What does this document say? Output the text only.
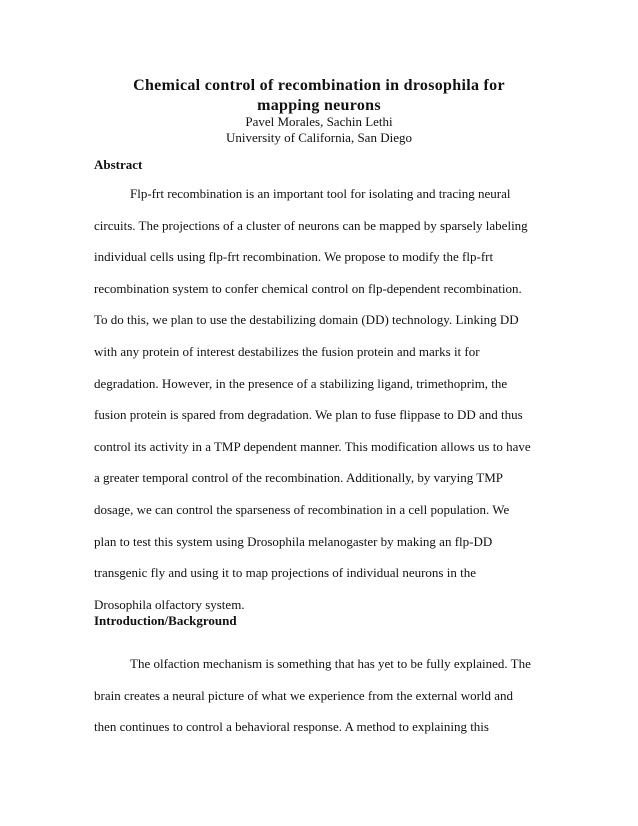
Chemical control of recombination in drosophila for
mapping neurons
Pavel Morales, Sachin Lethi
University of California, San Diego
Abstract
Flp-frt recombination is an important tool for isolating and tracing neural
circuits. The projections of a cluster of neurons can be mapped by sparsely labeling
individual cells using flp-frt recombination. We propose to modify the flp-frt
recombination system to confer chemical control on flp-dependent recombination.
To do this, we plan to use the destabilizing domain (DD) technology. Linking DD
with any protein of interest destabilizes the fusion protein and marks it for
degradation. However, in the presence of a stabilizing ligand, trimethoprim, the
fusion protein is spared from degradation. We plan to fuse flippase to DD and thus
control its activity in a TMP dependent manner. This modification allows us to have
a greater temporal control of the recombination. Additionally, by varying TMP
dosage, we can control the sparseness of recombination in a cell population. We
plan to test this system using Drosophila melanogaster by making an flp-DD
transgenic fly and using it to map projections of individual neurons in the
Drosophila olfactory system.
Introduction/Background
The olfaction mechanism is something that has yet to be fully explained. The
brain creates a neural picture of what we experience from the external world and
then continues to control a behavioral response. A method to explaining this
